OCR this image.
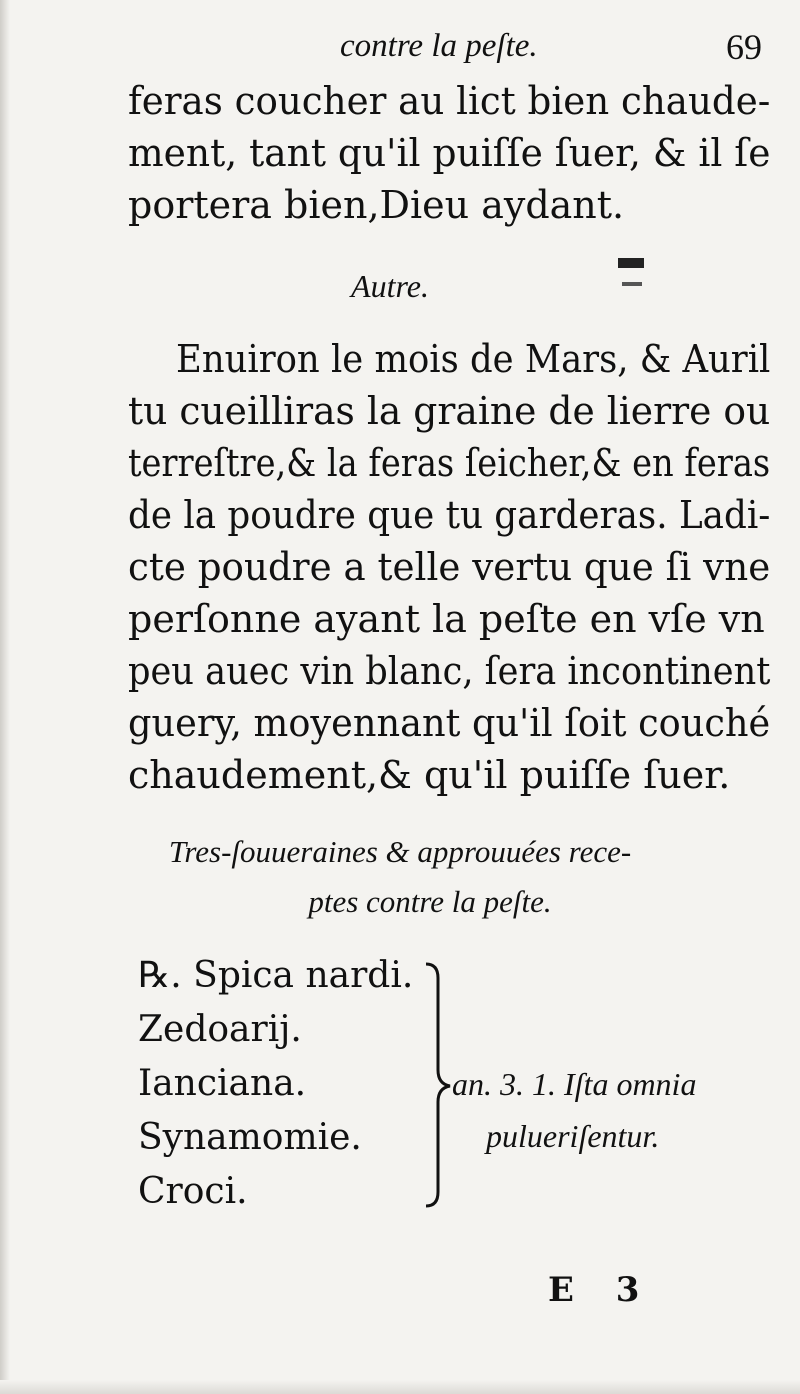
contre la peſte.	69
feras coucher au lict bien chaude-
ment, tant qu'il puiſſe ſuer, & il ſe
portera bien,Dieu aydant.
Autre.
Enuiron le mois de Mars, & Auril
tu cueilliras la graine de lierre ou
terreſtre,& la feras ſeicher,& en feras
de la poudre que tu garderas. Ladi-
cte poudre a telle vertu que ſi vne
perſonne ayant la peſte en vſe vn
peu auec vin blanc, ſera incontinent
guery, moyennant qu'il ſoit couché
chaudement,& qu'il puiſſe ſuer.
Tres-ſouueraines & approuuées rece-
ptes contre la peſte.
℞. Spica nardi.
Zedoarij.
Ianciana.
Synamomie.
Croci.
an. 3. 1. Iſta omnia
pulueriſentur.
E 3
